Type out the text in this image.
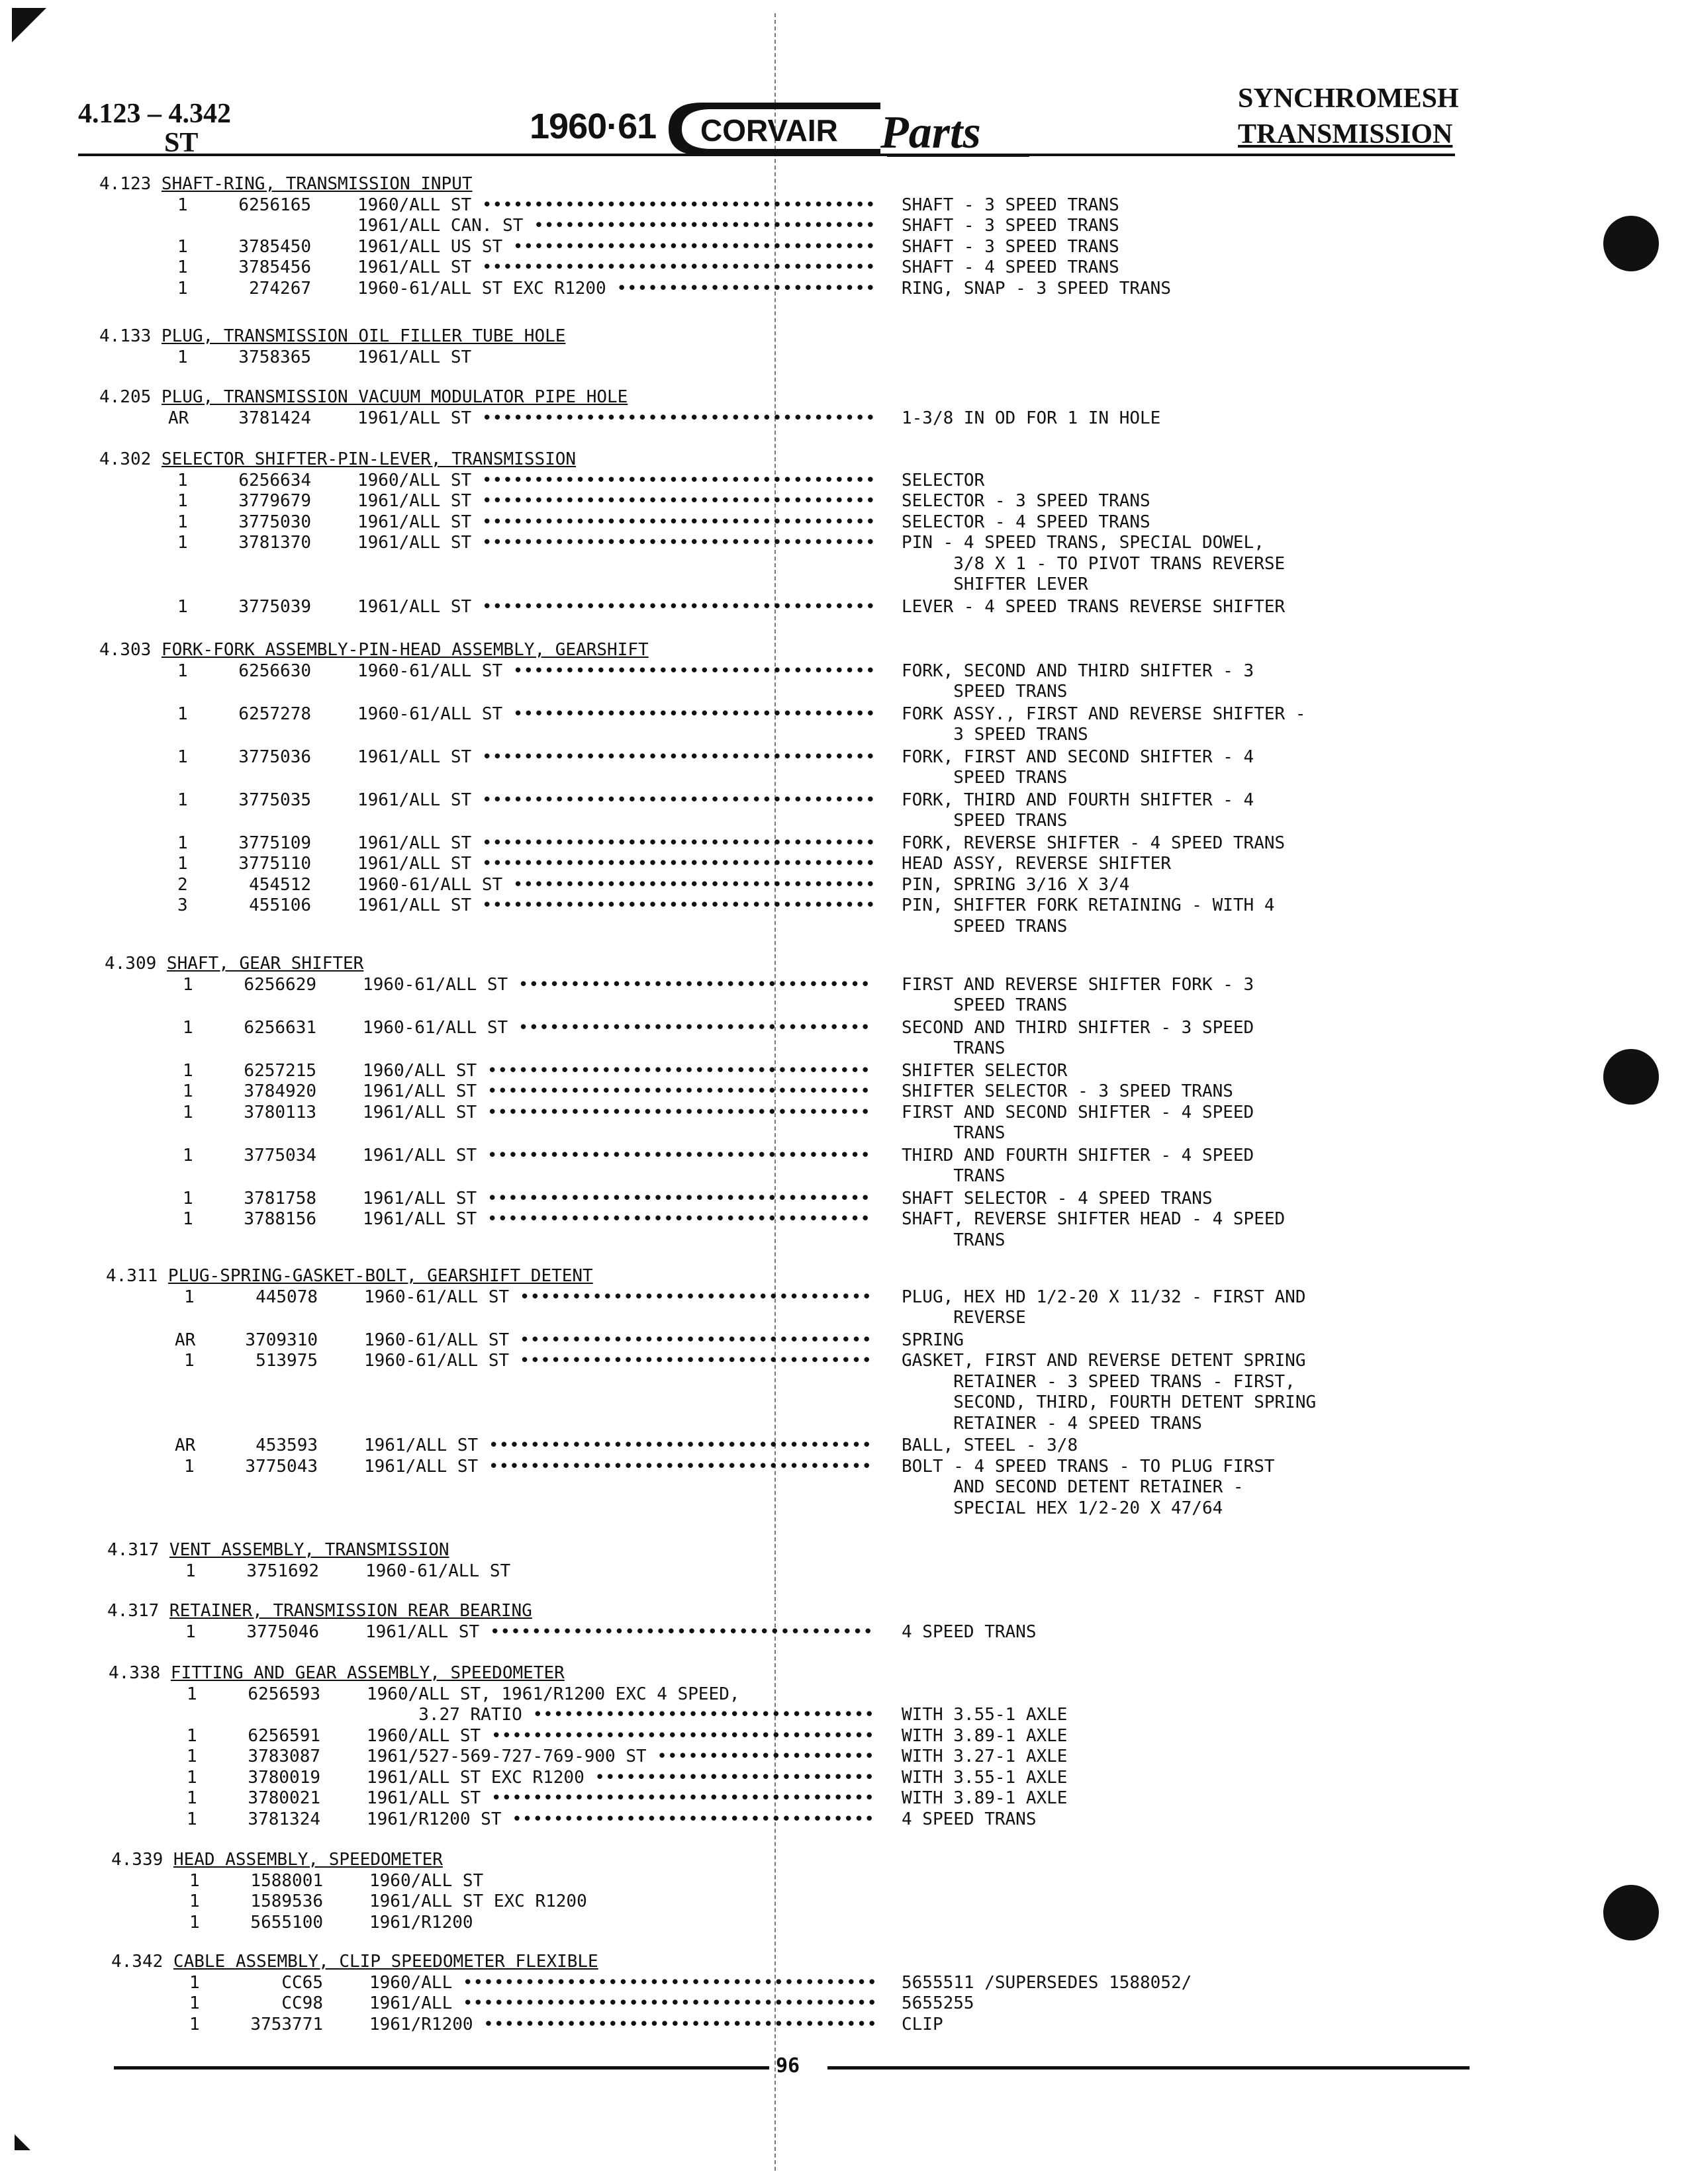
4.123 – 4.342
ST	1960·61 CORVAIR Parts
SYNCHROMESH
TRANSMISSION
4.123 SHAFT-RING, TRANSMISSION INPUT
1	6256165	1960/ALL ST •••••••••••••••••••••••••••••••••••••• SHAFT - 3 SPEED TRANS
1961/ALL CAN. ST ••••••••••••••••••••••••••••••••• SHAFT - 3 SPEED TRANS
1	3785450	1961/ALL US ST ••••••••••••••••••••••••••••••••••• SHAFT - 3 SPEED TRANS
1	3785456	1961/ALL ST •••••••••••••••••••••••••••••••••••••• SHAFT - 4 SPEED TRANS
1	274267	1960-61/ALL ST EXC R1200 ••••••••••••••••••••••••• RING, SNAP - 3 SPEED TRANS
4.133 PLUG, TRANSMISSION OIL FILLER TUBE HOLE
1	3758365	1961/ALL ST
4.205 PLUG, TRANSMISSION VACUUM MODULATOR PIPE HOLE
AR	3781424	1961/ALL ST •••••••••••••••••••••••••••••••••••••• 1-3/8 IN OD FOR 1 IN HOLE
4.302 SELECTOR SHIFTER-PIN-LEVER, TRANSMISSION
1	6256634	1960/ALL ST •••••••••••••••••••••••••••••••••••••• SELECTOR
1	3779679	1961/ALL ST •••••••••••••••••••••••••••••••••••••• SELECTOR - 3 SPEED TRANS
1	3775030	1961/ALL ST •••••••••••••••••••••••••••••••••••••• SELECTOR - 4 SPEED TRANS
1	3781370	1961/ALL ST •••••••••••••••••••••••••••••••••••••• PIN - 4 SPEED TRANS, SPECIAL DOWEL,
3/8 X 1 - TO PIVOT TRANS REVERSE
SHIFTER LEVER
1	3775039	1961/ALL ST •••••••••••••••••••••••••••••••••••••• LEVER - 4 SPEED TRANS REVERSE SHIFTER
4.303 FORK-FORK ASSEMBLY-PIN-HEAD ASSEMBLY, GEARSHIFT
1	6256630	1960-61/ALL ST ••••••••••••••••••••••••••••••••••• FORK, SECOND AND THIRD SHIFTER - 3
SPEED TRANS
1	6257278	1960-61/ALL ST ••••••••••••••••••••••••••••••••••• FORK ASSY., FIRST AND REVERSE SHIFTER -
3 SPEED TRANS
1	3775036	1961/ALL ST •••••••••••••••••••••••••••••••••••••• FORK, FIRST AND SECOND SHIFTER - 4
SPEED TRANS
1	3775035	1961/ALL ST •••••••••••••••••••••••••••••••••••••• FORK, THIRD AND FOURTH SHIFTER - 4
SPEED TRANS
1	3775109	1961/ALL ST •••••••••••••••••••••••••••••••••••••• FORK, REVERSE SHIFTER - 4 SPEED TRANS
1	3775110	1961/ALL ST •••••••••••••••••••••••••••••••••••••• HEAD ASSY, REVERSE SHIFTER
2	454512	1960-61/ALL ST ••••••••••••••••••••••••••••••••••• PIN, SPRING 3/16 X 3/4
3	455106	1961/ALL ST •••••••••••••••••••••••••••••••••••••• PIN, SHIFTER FORK RETAINING - WITH 4
SPEED TRANS
4.309 SHAFT, GEAR SHIFTER
1	6256629	1960-61/ALL ST •••••••••••••••••••••••••••••••••• FIRST AND REVERSE SHIFTER FORK - 3
SPEED TRANS
1	6256631	1960-61/ALL ST •••••••••••••••••••••••••••••••••• SECOND AND THIRD SHIFTER - 3 SPEED
TRANS
1	6257215	1960/ALL ST ••••••••••••••••••••••••••••••••••••• SHIFTER SELECTOR
1	3784920	1961/ALL ST ••••••••••••••••••••••••••••••••••••• SHIFTER SELECTOR - 3 SPEED TRANS
1	3780113	1961/ALL ST ••••••••••••••••••••••••••••••••••••• FIRST AND SECOND SHIFTER - 4 SPEED
TRANS
1	3775034	1961/ALL ST ••••••••••••••••••••••••••••••••••••• THIRD AND FOURTH SHIFTER - 4 SPEED
TRANS
1	3781758	1961/ALL ST ••••••••••••••••••••••••••••••••••••• SHAFT SELECTOR - 4 SPEED TRANS
1	3788156	1961/ALL ST ••••••••••••••••••••••••••••••••••••• SHAFT, REVERSE SHIFTER HEAD - 4 SPEED
TRANS
4.311 PLUG-SPRING-GASKET-BOLT, GEARSHIFT DETENT
1	445078	1960-61/ALL ST •••••••••••••••••••••••••••••••••• PLUG, HEX HD 1/2-20 X 11/32 - FIRST AND
REVERSE
AR	3709310	1960-61/ALL ST •••••••••••••••••••••••••••••••••• SPRING
1	513975	1960-61/ALL ST •••••••••••••••••••••••••••••••••• GASKET, FIRST AND REVERSE DETENT SPRING
RETAINER - 3 SPEED TRANS - FIRST,
SECOND, THIRD, FOURTH DETENT SPRING
RETAINER - 4 SPEED TRANS
AR	453593	1961/ALL ST ••••••••••••••••••••••••••••••••••••• BALL, STEEL - 3/8
1	3775043	1961/ALL ST ••••••••••••••••••••••••••••••••••••• BOLT - 4 SPEED TRANS - TO PLUG FIRST
AND SECOND DETENT RETAINER -
SPECIAL HEX 1/2-20 X 47/64
4.317 VENT ASSEMBLY, TRANSMISSION
1	3751692	1960-61/ALL ST
4.317 RETAINER, TRANSMISSION REAR BEARING
1	3775046	1961/ALL ST ••••••••••••••••••••••••••••••••••••• 4 SPEED TRANS
4.338 FITTING AND GEAR ASSEMBLY, SPEEDOMETER
1	6256593	1960/ALL ST, 1961/R1200 EXC 4 SPEED,
3.27 RATIO ••••••••••••••••••••••••••••••••• WITH 3.55-1 AXLE
1	6256591	1960/ALL ST ••••••••••••••••••••••••••••••••••••• WITH 3.89-1 AXLE
1	3783087	1961/527-569-727-769-900 ST ••••••••••••••••••••• WITH 3.27-1 AXLE
1	3780019	1961/ALL ST EXC R1200 ••••••••••••••••••••••••••• WITH 3.55-1 AXLE
1	3780021	1961/ALL ST ••••••••••••••••••••••••••••••••••••• WITH 3.89-1 AXLE
1	3781324	1961/R1200 ST ••••••••••••••••••••••••••••••••••• 4 SPEED TRANS
4.339 HEAD ASSEMBLY, SPEEDOMETER
1	1588001	1960/ALL ST
1	1589536	1961/ALL ST EXC R1200
1	5655100	1961/R1200
4.342 CABLE ASSEMBLY, CLIP SPEEDOMETER FLEXIBLE
1	CC65	1960/ALL •••••••••••••••••••••••••••••••••••••••• 5655511 /SUPERSEDES 1588052/
1	CC98	1961/ALL •••••••••••••••••••••••••••••••••••••••• 5655255
1	3753771	1961/R1200 •••••••••••••••••••••••••••••••••••••• CLIP
96
